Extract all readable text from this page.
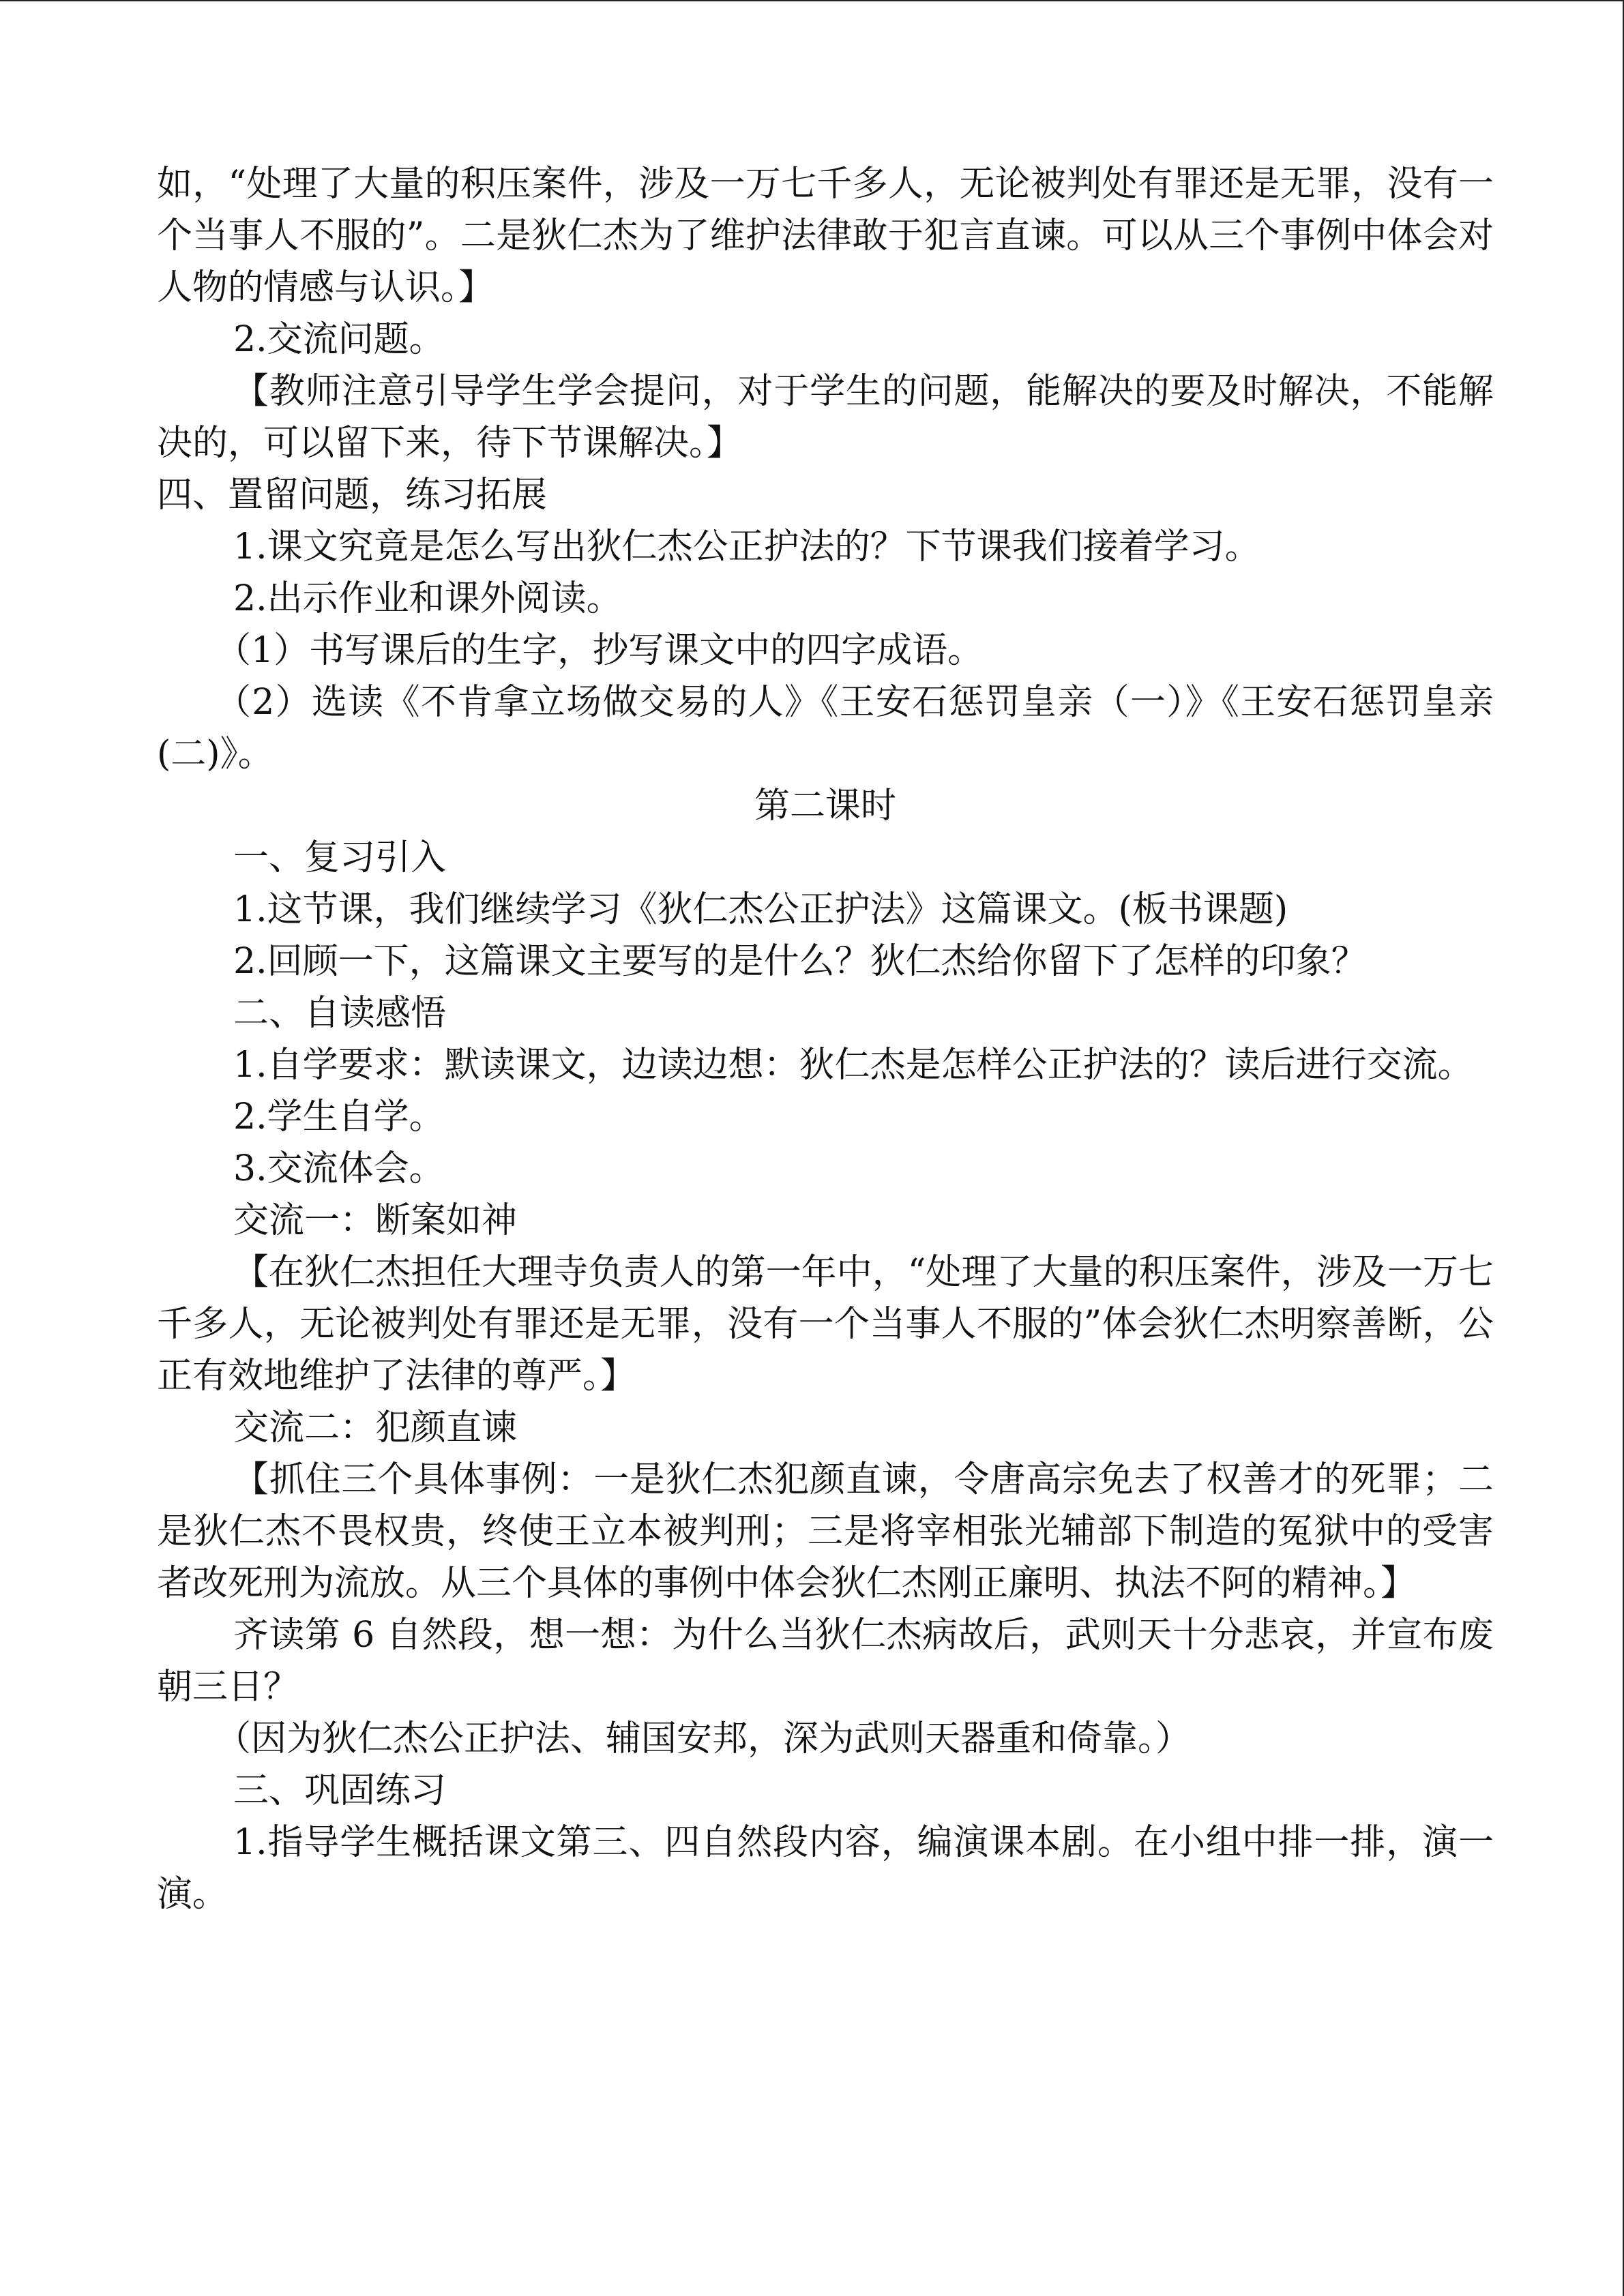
如，“处理了大量的积压案件，涉及一万七千多人，无论被判处有罪还是无罪，没有一个当事人不服的”。二是狄仁杰为了维护法律敢于犯言直谏。可以从三个事例中体会对人物的情感与认识。】

2.交流问题。

【教师注意引导学生学会提问，对于学生的问题，能解决的要及时解决，不能解决的，可以留下来，待下节课解决。】

四、置留问题，练习拓展

1.课文究竟是怎么写出狄仁杰公正护法的？下节课我们接着学习。

2.出示作业和课外阅读。

（1）书写课后的生字，抄写课文中的四字成语。

（2）选读《不肯拿立场做交易的人》《王安石惩罚皇亲（一）》《王安石惩罚皇亲(二)》。

第二课时

一、复习引入

1.这节课，我们继续学习《狄仁杰公正护法》这篇课文。(板书课题)

2.回顾一下，这篇课文主要写的是什么？狄仁杰给你留下了怎样的印象？

二、自读感悟

1.自学要求：默读课文，边读边想：狄仁杰是怎样公正护法的？读后进行交流。

2.学生自学。

3.交流体会。

交流一：断案如神

【在狄仁杰担任大理寺负责人的第一年中，“处理了大量的积压案件，涉及一万七千多人，无论被判处有罪还是无罪，没有一个当事人不服的”体会狄仁杰明察善断，公正有效地维护了法律的尊严。】

交流二：犯颜直谏

【抓住三个具体事例：一是狄仁杰犯颜直谏，令唐高宗免去了权善才的死罪；二是狄仁杰不畏权贵，终使王立本被判刑；三是将宰相张光辅部下制造的冤狱中的受害者改死刑为流放。从三个具体的事例中体会狄仁杰刚正廉明、执法不阿的精神。】

齐读第 6 自然段，想一想：为什么当狄仁杰病故后，武则天十分悲哀，并宣布废朝三日？

（因为狄仁杰公正护法、辅国安邦，深为武则天器重和倚靠。）

三、巩固练习

1.指导学生概括课文第三、四自然段内容，编演课本剧。在小组中排一排，演一演。
